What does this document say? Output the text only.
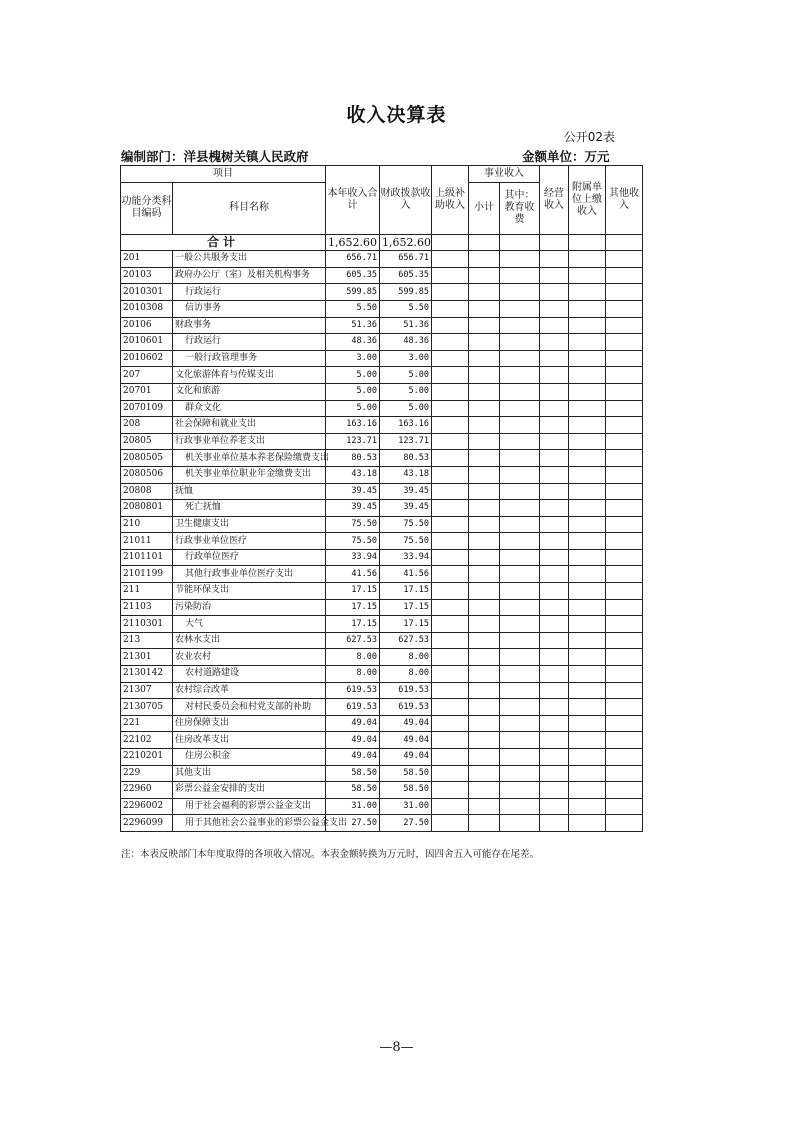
收入决算表
公开02表
编制部门：洋县槐树关镇人民政府	金额单位：万元
项目		本年收入合计	财政拨款收入	上级补助收入	事业收入		经营收入	附属单位上缴收入	其他收入
功能分类科目编码	科目名称				小计	其中：教育收费			
合计		1,652.60	1,652.60						
201	一般公共服务支出	656.71	656.71						
20103	政府办公厅（室）及相关机构事务	605.35	605.35						
2010301	行政运行	599.85	599.85						
2010308	信访事务	5.50	5.50						
20106	财政事务	51.36	51.36						
2010601	行政运行	48.36	48.36						
2010602	一般行政管理事务	3.00	3.00						
207	文化旅游体育与传媒支出	5.00	5.00						
20701	文化和旅游	5.00	5.00						
2070109	群众文化	5.00	5.00						
208	社会保障和就业支出	163.16	163.16						
20805	行政事业单位养老支出	123.71	123.71						
2080505	机关事业单位基本养老保险缴费支出	80.53	80.53						
2080506	机关事业单位职业年金缴费支出	43.18	43.18						
20808	抚恤	39.45	39.45						
2080801	死亡抚恤	39.45	39.45						
210	卫生健康支出	75.50	75.50						
21011	行政事业单位医疗	75.50	75.50						
2101101	行政单位医疗	33.94	33.94						
2101199	其他行政事业单位医疗支出	41.56	41.56						
211	节能环保支出	17.15	17.15						
21103	污染防治	17.15	17.15						
2110301	大气	17.15	17.15						
213	农林水支出	627.53	627.53						
21301	农业农村	8.00	8.00						
2130142	农村道路建设	8.00	8.00						
21307	农村综合改革	619.53	619.53						
2130705	对村民委员会和村党支部的补助	619.53	619.53						
221	住房保障支出	49.04	49.04						
22102	住房改革支出	49.04	49.04						
2210201	住房公积金	49.04	49.04						
229	其他支出	58.50	58.50						
22960	彩票公益金安排的支出	58.50	58.50						
2296002	用于社会福利的彩票公益金支出	31.00	31.00						
2296099	用于其他社会公益事业的彩票公益金支出	27.50	27.50						
注：本表反映部门本年度取得的各项收入情况。本表金额转换为万元时，因四舍五入可能存在尾差。
—8—
